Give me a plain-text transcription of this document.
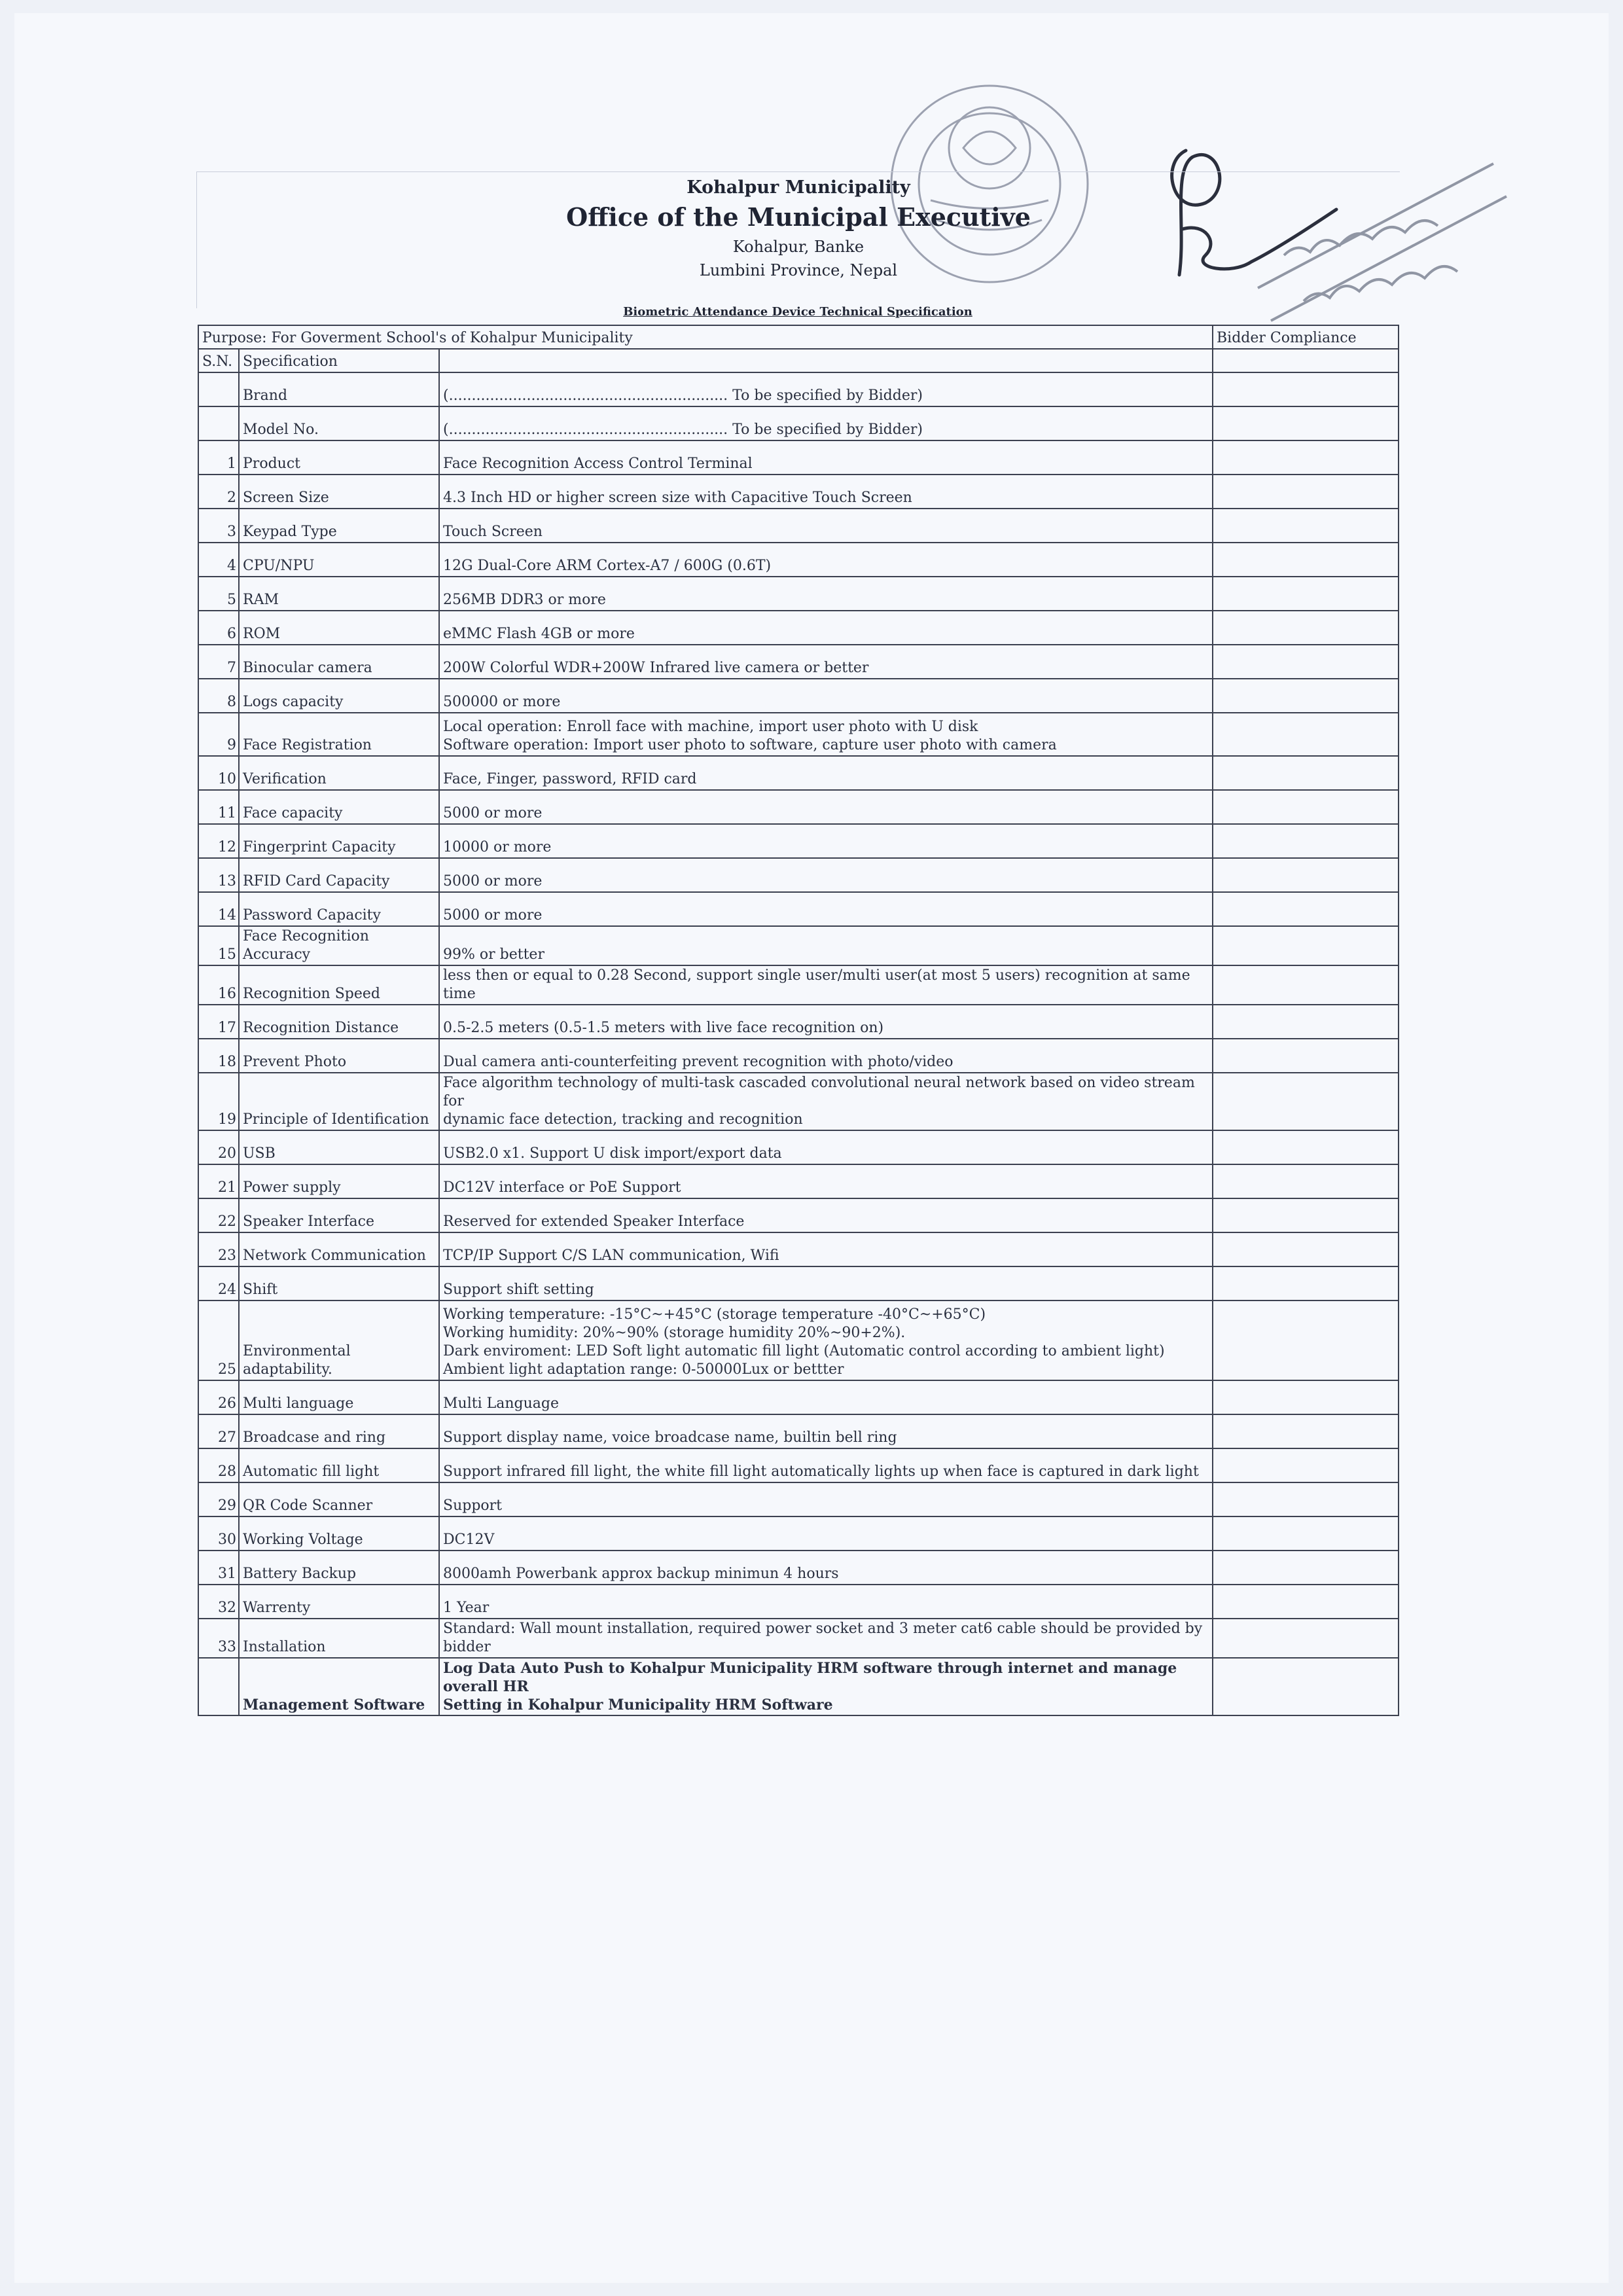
Kohalpur Municipality
Office of the Municipal Executive
Kohalpur, Banke
Lumbini Province, Nepal
Biometric Attendance Device Technical Specification
Purpose: For Goverment School's of Kohalpur Municipality			Bidder Compliance
S.N.	Specification		
	Brand	(............................................................. To be specified by Bidder)	
	Model No.	(............................................................. To be specified by Bidder)	
1	Product	Face Recognition Access Control Terminal	
2	Screen Size	4.3 Inch HD or higher screen size with Capacitive Touch Screen	
3	Keypad Type	Touch Screen	
4	CPU/NPU	12G Dual-Core ARM Cortex-A7 / 600G (0.6T)	
5	RAM	256MB DDR3 or more	
6	ROM	eMMC Flash 4GB or more	
7	Binocular camera	200W Colorful WDR+200W Infrared live camera or better	
8	Logs capacity	500000 or more	
9	Face Registration	Local operation: Enroll face with machine, import user photo with U disk
Software operation: Import user photo to software, capture user photo with camera	

10	Verification	Face, Finger, password, RFID card	
11	Face capacity	5000 or more	
12	Fingerprint Capacity	10000 or more	
13	RFID Card Capacity	5000 or more	
14	Password Capacity	5000 or more	
15	Face Recognition Accuracy	99% or better	
16	Recognition Speed	less then or equal to 0.28 Second, support single user/multi user(at most 5 users) recognition at same time	
17	Recognition Distance	0.5-2.5 meters (0.5-1.5 meters with live face recognition on)	
18	Prevent Photo	Dual camera anti-counterfeiting prevent recognition with photo/video	
19	Principle of Identification	Face algorithm technology of multi-task cascaded convolutional neural network based on video stream for
dynamic face detection, tracking and recognition	

20	USB	USB2.0 x1. Support U disk import/export data	
21	Power supply	DC12V interface or PoE Support	
22	Speaker Interface	Reserved for extended Speaker Interface	
23	Network Communication	TCP/IP Support C/S LAN communication, Wifi	
24	Shift	Support shift setting	
25	Environmental adaptability.	Working temperature: -15°C~+45°C (storage temperature -40°C~+65°C)
Working humidity: 20%~90% (storage humidity 20%~90+2%).
Dark enviroment: LED Soft light automatic fill light (Automatic control according to ambient light)
Ambient light adaptation range: 0-50000Lux or bettter	

26	Multi language	Multi Language	
27	Broadcase and ring	Support display name, voice broadcase name, builtin bell ring	
28	Automatic fill light	Support infrared fill light, the white fill light automatically lights up when face is captured in dark light	
29	QR Code Scanner	Support	
30	Working Voltage	DC12V	
31	Battery Backup	8000amh Powerbank approx backup minimun 4 hours	
32	Warrenty	1 Year	
33	Installation	Standard: Wall mount installation, required power socket and 3 meter cat6 cable should be provided by bidder	
	Management Software	Log Data Auto Push to Kohalpur Municipality HRM software through internet and manage overall HR
Setting in Kohalpur Municipality HRM Software	
